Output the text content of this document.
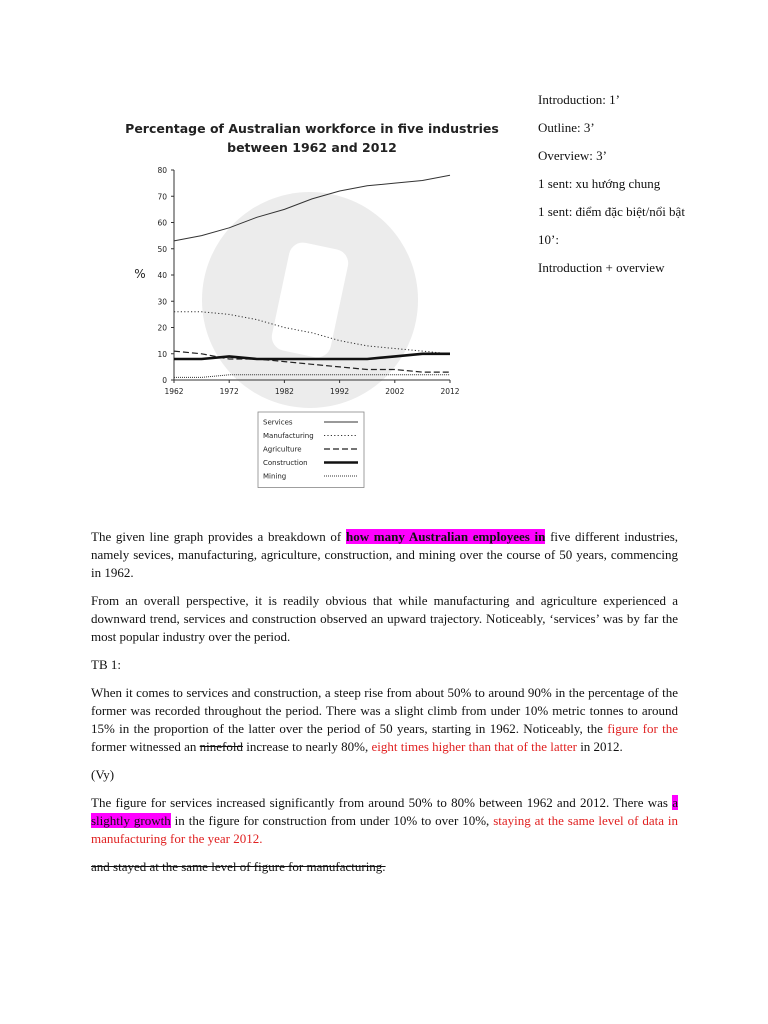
Introduction: 1’

Outline: 3’

Overview: 3’

1 sent: xu hướng chung

1 sent: điểm đặc biệt/nổi bật

10’:

Introduction + overview

Percentage of Australian workforce in five industries
between 1962 and 2012
0
10
20
30
40
50
60
70
80
1962	1972	1982	1992	2002	2012
%
Services
Manufacturing
Agriculture
Construction
Mining

The given line graph provides a breakdown of how many Australian employees in five different industries, namely sevices, manufacturing, agriculture, construction, and mining over the course of 50 years, commencing in 1962.

From an overall perspective, it is readily obvious that while manufacturing and agriculture experienced a downward trend, services and construction observed an upward trajectory. Noticeably, ‘services’ was by far the most popular industry over the period.

TB 1:

When it comes to services and construction, a steep rise from about 50% to around 90% in the percentage of the former was recorded throughout the period. There was a slight climb from under 10% metric tonnes to around 15% in the proportion of the latter over the period of 50 years, starting in 1962. Noticeably, the figure for the former witnessed an ninefold increase to nearly 80%, eight times higher than that of the latter in 2012.

(Vy)

The figure for services increased significantly from around 50% to 80% between 1962 and 2012. There was a slightly growth in the figure for construction from under 10% to over 10%, staying at the same level of data in manufacturing for the year 2012.

and stayed at the same level of figure for manufacturing.
